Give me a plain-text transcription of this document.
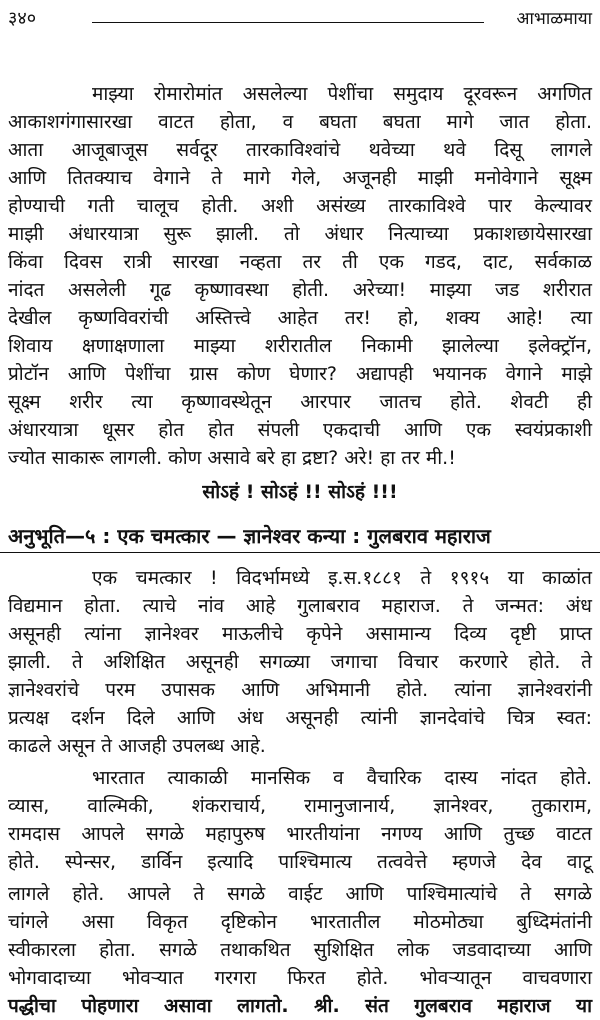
३४०	आभाळमाया
माझ्या रोमारोमांत असलेल्या पेशींचा समुदाय दूरवरून अगणित
आकाशगंगासारखा वाटत होता, व बघता बघता मागे जात होता.
आता आजूबाजूस सर्वदूर तारकाविश्वांचे थवेच्या थवे दिसू लागले
आणि तितक्याच वेगाने ते मागे गेले, अजूनही माझी मनोवेगाने सूक्ष्म
होण्याची गती चालूच होती. अशी असंख्य तारकाविश्वे पार केल्यावर
माझी अंधारयात्रा सुरू झाली. तो अंधार नित्याच्या प्रकाशछायेसारखा
किंवा दिवस रात्री सारखा नव्हता तर ती एक गडद, दाट, सर्वकाळ
नांदत असलेली गूढ कृष्णावस्था होती. अरेच्या! माझ्या जड शरीरात
देखील कृष्णविवरांची अस्तित्त्वे आहेत तर! हो, शक्य आहे! त्या
शिवाय क्षणाक्षणाला माझ्या शरीरातील निकामी झालेल्या इलेक्ट्रॉन,
प्रोटॉन आणि पेशींचा ग्रास कोण घेणार? अद्यापही भयानक वेगाने माझे
सूक्ष्म शरीर त्या कृष्णावस्थेतून आरपार जातच होते. शेवटी ही
अंधारयात्रा धूसर होत होत संपली एकदाची आणि एक स्वयंप्रकाशी
ज्योत साकारू लागली. कोण असावे बरे हा द्रष्टा? अरे! हा तर मी.!
सोऽहं ! सोऽहं !! सोऽहं !!!
अनुभूति—५ : एक चमत्कार — ज्ञानेश्वर कन्या : गुलबराव महाराज
एक चमत्कार ! विदर्भामध्ये इ.स.१८८१ ते १९१५ या काळांत
विद्यमान होता. त्याचे नांव आहे गुलाबराव महाराज. ते जन्मत: अंध
असूनही त्यांना ज्ञानेश्वर माऊलीचे कृपेने असामान्य दिव्य दृष्टी प्राप्त
झाली. ते अशिक्षित असूनही सगळ्या जगाचा विचार करणारे होते. ते
ज्ञानेश्वरांचे परम उपासक आणि अभिमानी होते. त्यांना ज्ञानेश्वरांनी
प्रत्यक्ष दर्शन दिले आणि अंध असूनही त्यांनी ज्ञानदेवांचे चित्र स्वत:
काढले असून ते आजही उपलब्ध आहे.
भारतात त्याकाळी मानसिक व वैचारिक दास्य नांदत होते.
व्यास, वाल्मिकी, शंकराचार्य, रामानुजानार्य, ज्ञानेश्वर, तुकाराम,
रामदास आपले सगळे महापुरुष भारतीयांना नगण्य आणि तुच्छ वाटत
होते. स्पेन्सर, डार्विन इत्यादि पाश्चिमात्य तत्ववेत्ते म्हणजे देव वाटू
लागले होते. आपले ते सगळे वाईट आणि पाश्चिमात्यांचे ते सगळे
चांगले असा विकृत दृष्टिकोन भारतातील मोठमोठ्या बुध्दिमंतांनी
स्वीकारला होता. सगळे तथाकथित सुशिक्षित लोक जडवादाच्या आणि
भोगवादाच्या भोवऱ्यात गरगरा फिरत होते. भोवऱ्यातून वाचवणारा
पद्धीचा पोहणारा असावा लागतो. श्री. संत गुलबराव महाराज या
